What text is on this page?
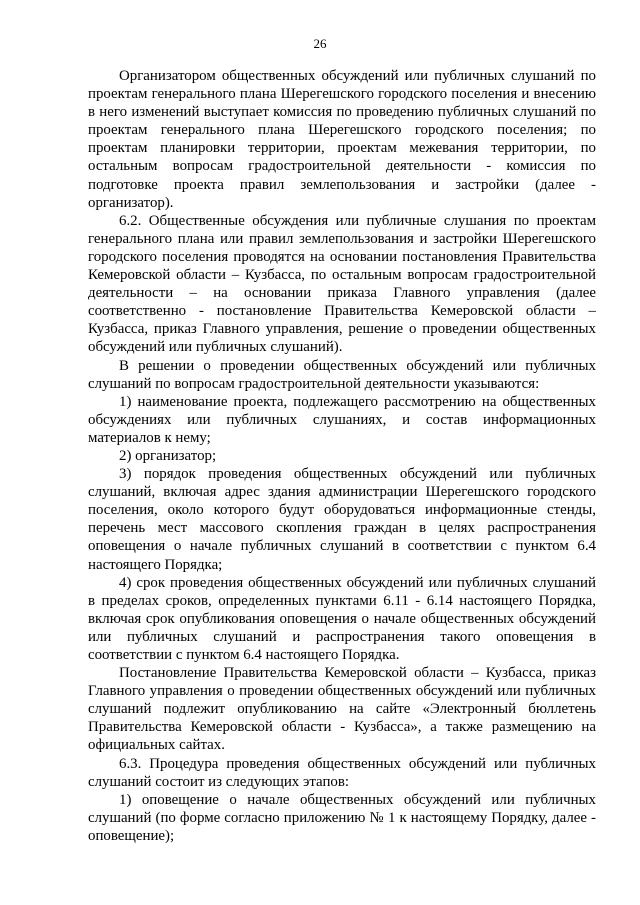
26

Организатором общественных обсуждений или публичных слушаний по проектам генерального плана Шерегешского городского поселения и внесению в него изменений выступает комиссия по проведению публичных слушаний по проектам генерального плана Шерегешского городского поселения; по проектам планировки территории, проектам межевания территории, по остальным вопросам градостроительной деятельности - комиссия по подготовке проекта правил землепользования и застройки (далее - организатор).

6.2. Общественные обсуждения или публичные слушания по проектам генерального плана или правил землепользования и застройки Шерегешского городского поселения проводятся на основании постановления Правительства Кемеровской области – Кузбасса, по остальным вопросам градостроительной деятельности – на основании приказа Главного управления (далее соответственно - постановление Правительства Кемеровской области – Кузбасса, приказ Главного управления, решение о проведении общественных обсуждений или публичных слушаний).

В решении о проведении общественных обсуждений или публичных слушаний по вопросам градостроительной деятельности указываются:

1) наименование проекта, подлежащего рассмотрению на общественных обсуждениях или публичных слушаниях, и состав информационных материалов к нему;

2) организатор;

3) порядок проведения общественных обсуждений или публичных слушаний, включая адрес здания администрации Шерегешского городского поселения, около которого будут оборудоваться информационные стенды, перечень мест массового скопления граждан в целях распространения оповещения о начале публичных слушаний в соответствии с пунктом 6.4 настоящего Порядка;

4) срок проведения общественных обсуждений или публичных слушаний в пределах сроков, определенных пунктами 6.11 - 6.14 настоящего Порядка, включая срок опубликования оповещения о начале общественных обсуждений или публичных слушаний и распространения такого оповещения в соответствии с пунктом 6.4 настоящего Порядка.

Постановление Правительства Кемеровской области – Кузбасса, приказ Главного управления о проведении общественных обсуждений или публичных слушаний подлежит опубликованию на сайте «Электронный бюллетень Правительства Кемеровской области - Кузбасса», а также размещению на официальных сайтах.

6.3. Процедура проведения общественных обсуждений или публичных слушаний состоит из следующих этапов:

1) оповещение о начале общественных обсуждений или публичных слушаний (по форме согласно приложению № 1 к настоящему Порядку, далее - оповещение);
